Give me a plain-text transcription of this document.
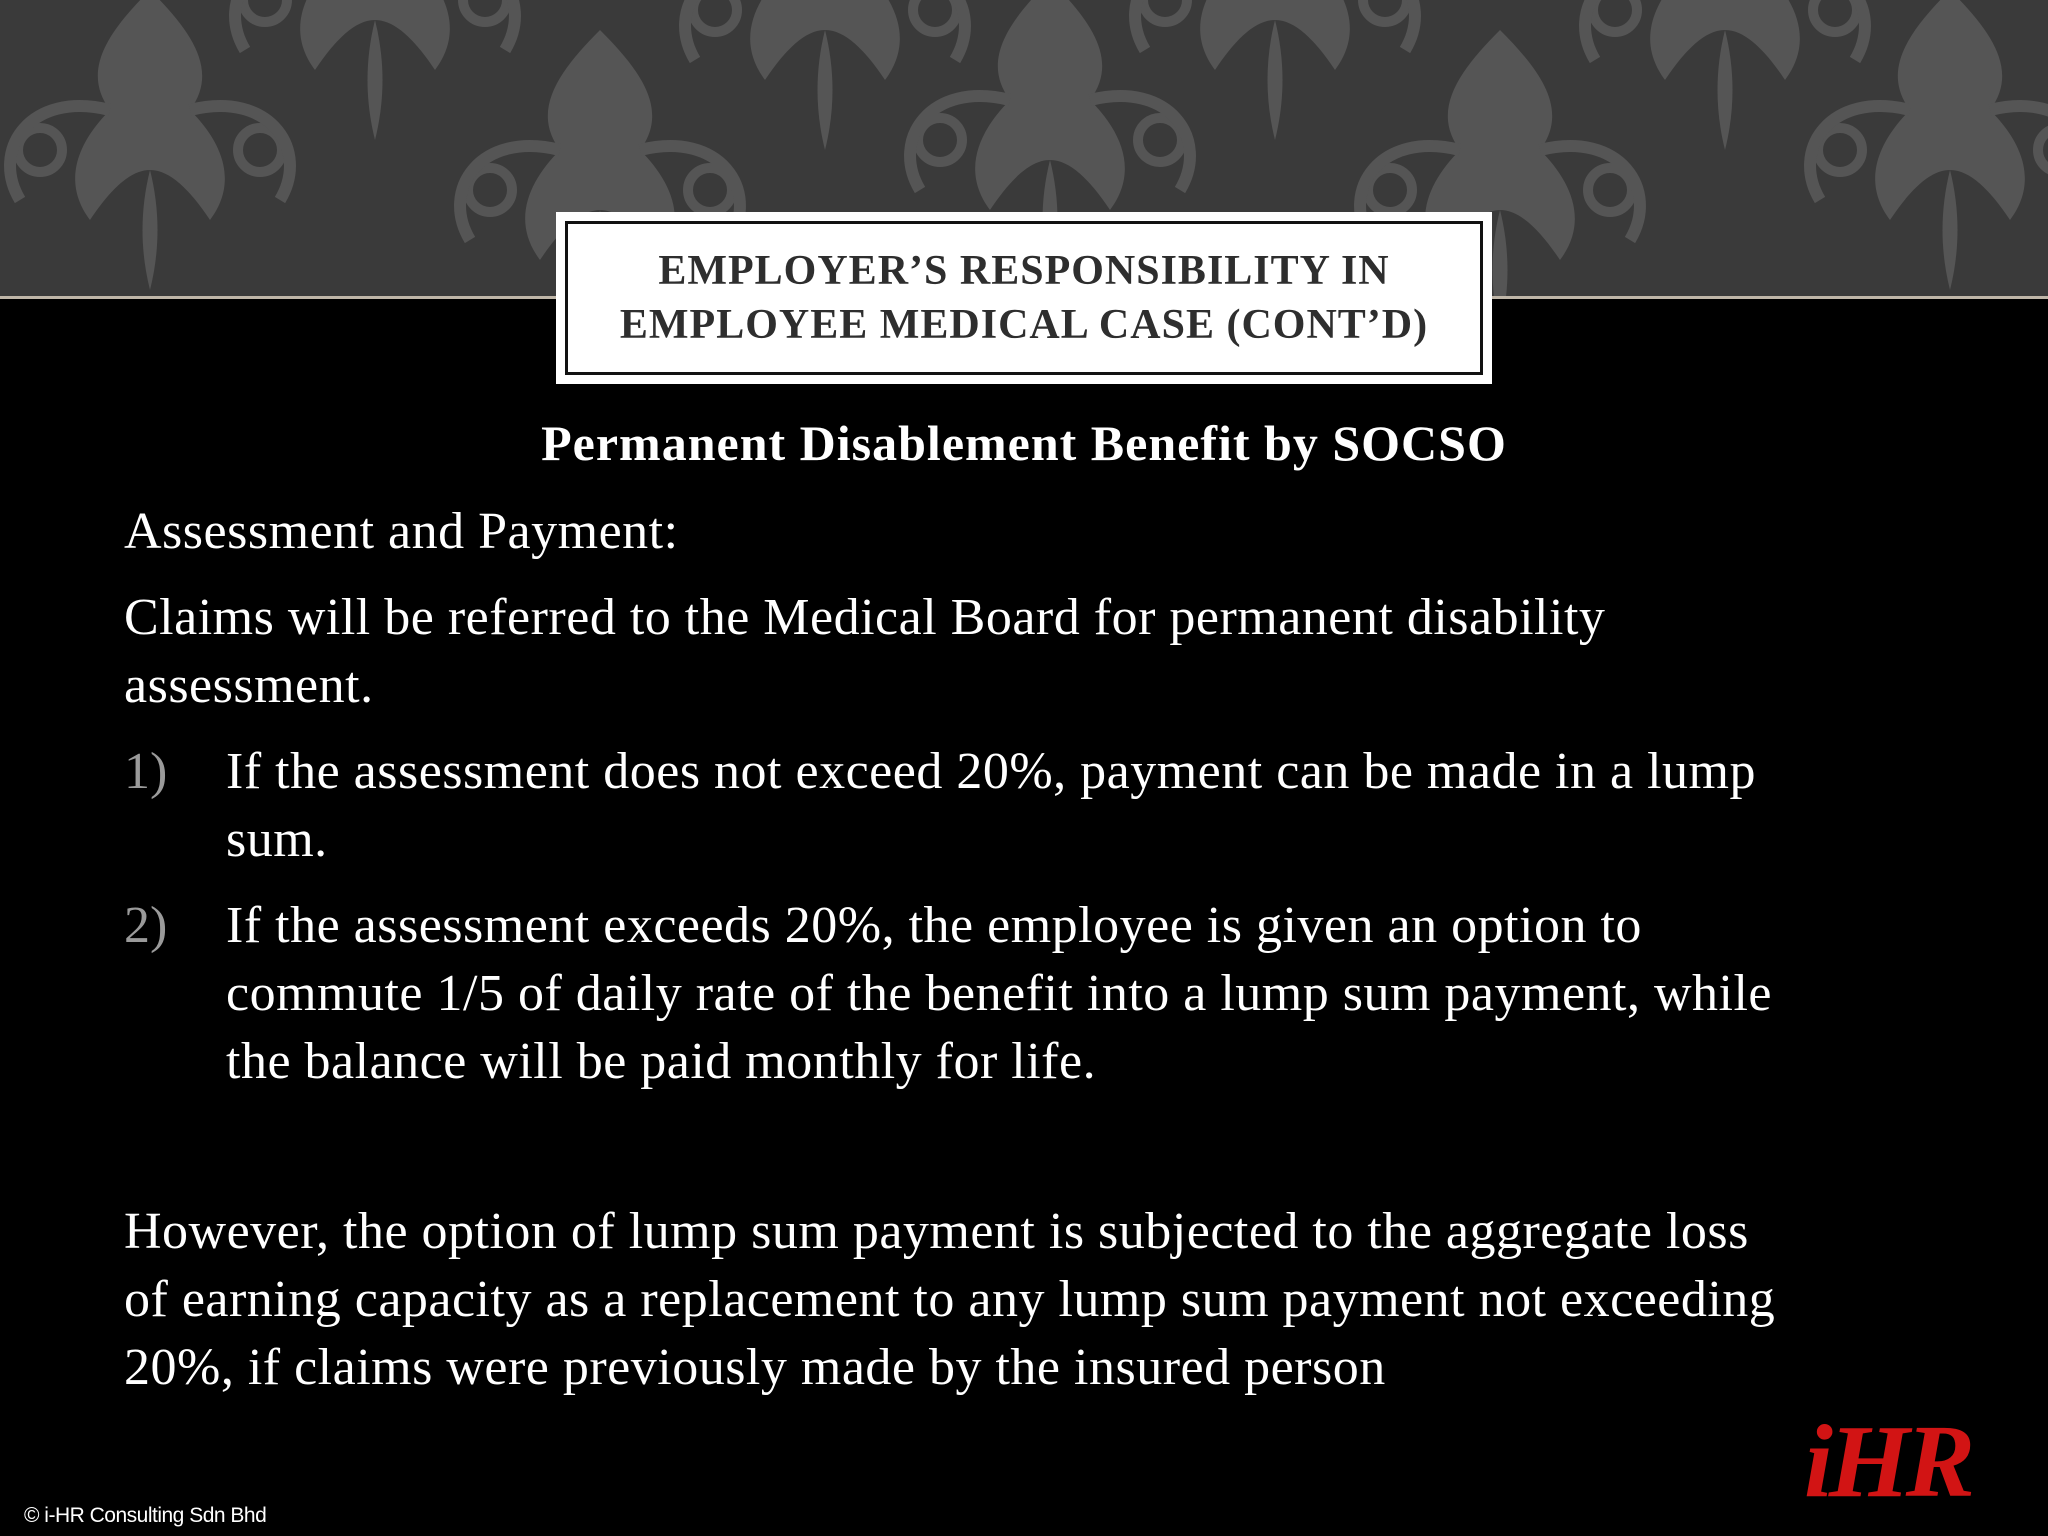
EMPLOYER’S RESPONSIBILITY IN
EMPLOYEE MEDICAL CASE (CONT’D)
Permanent Disablement Benefit by SOCSO
Assessment and Payment:
Claims will be referred to the Medical Board for permanent disability
assessment.
1) If the assessment does not exceed 20%, payment can be made in a lump
sum.
2) If the assessment exceeds 20%, the employee is given an option to
commute 1/5 of daily rate of the benefit into a lump sum payment, while
the balance will be paid monthly for life.
However, the option of lump sum payment is subjected to the aggregate loss
of earning capacity as a replacement to any lump sum payment not exceeding
20%, if claims were previously made by the insured person
iHR
© i-HR Consulting Sdn Bhd
